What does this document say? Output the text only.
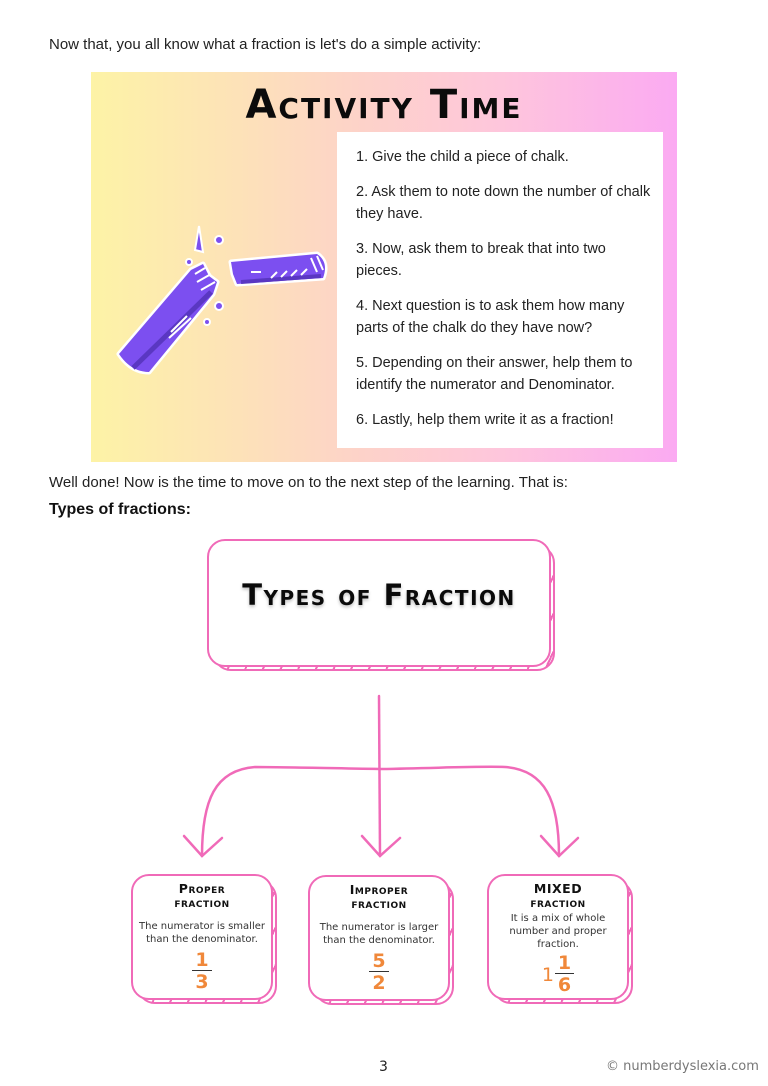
Now that, you all know what a fraction is let's do a simple activity:

Activity Time
1. Give the child a piece of chalk.
2. Ask them to note down the number of chalk they have.
3. Now, ask them to break that into two pieces.
4. Next question is to ask them how many parts of the chalk do they have now?
5. Depending on their answer, help them to identify the numerator and Denominator.
6. Lastly, help them write it as a fraction!

Well done! Now is the time to move on to the next step of the learning. That is:

Types of fractions:

Types of Fraction
Proper
fraction
The numerator is smaller than the denominator.
$\frac{1}{3}$
Improper
fraction
The numerator is larger than the denominator.
$\frac{5}{2}$
MIXED
fraction
It is a mix of whole number and proper fraction.
$1 \frac{1}{6}$
3	© numberdyslexia.com
